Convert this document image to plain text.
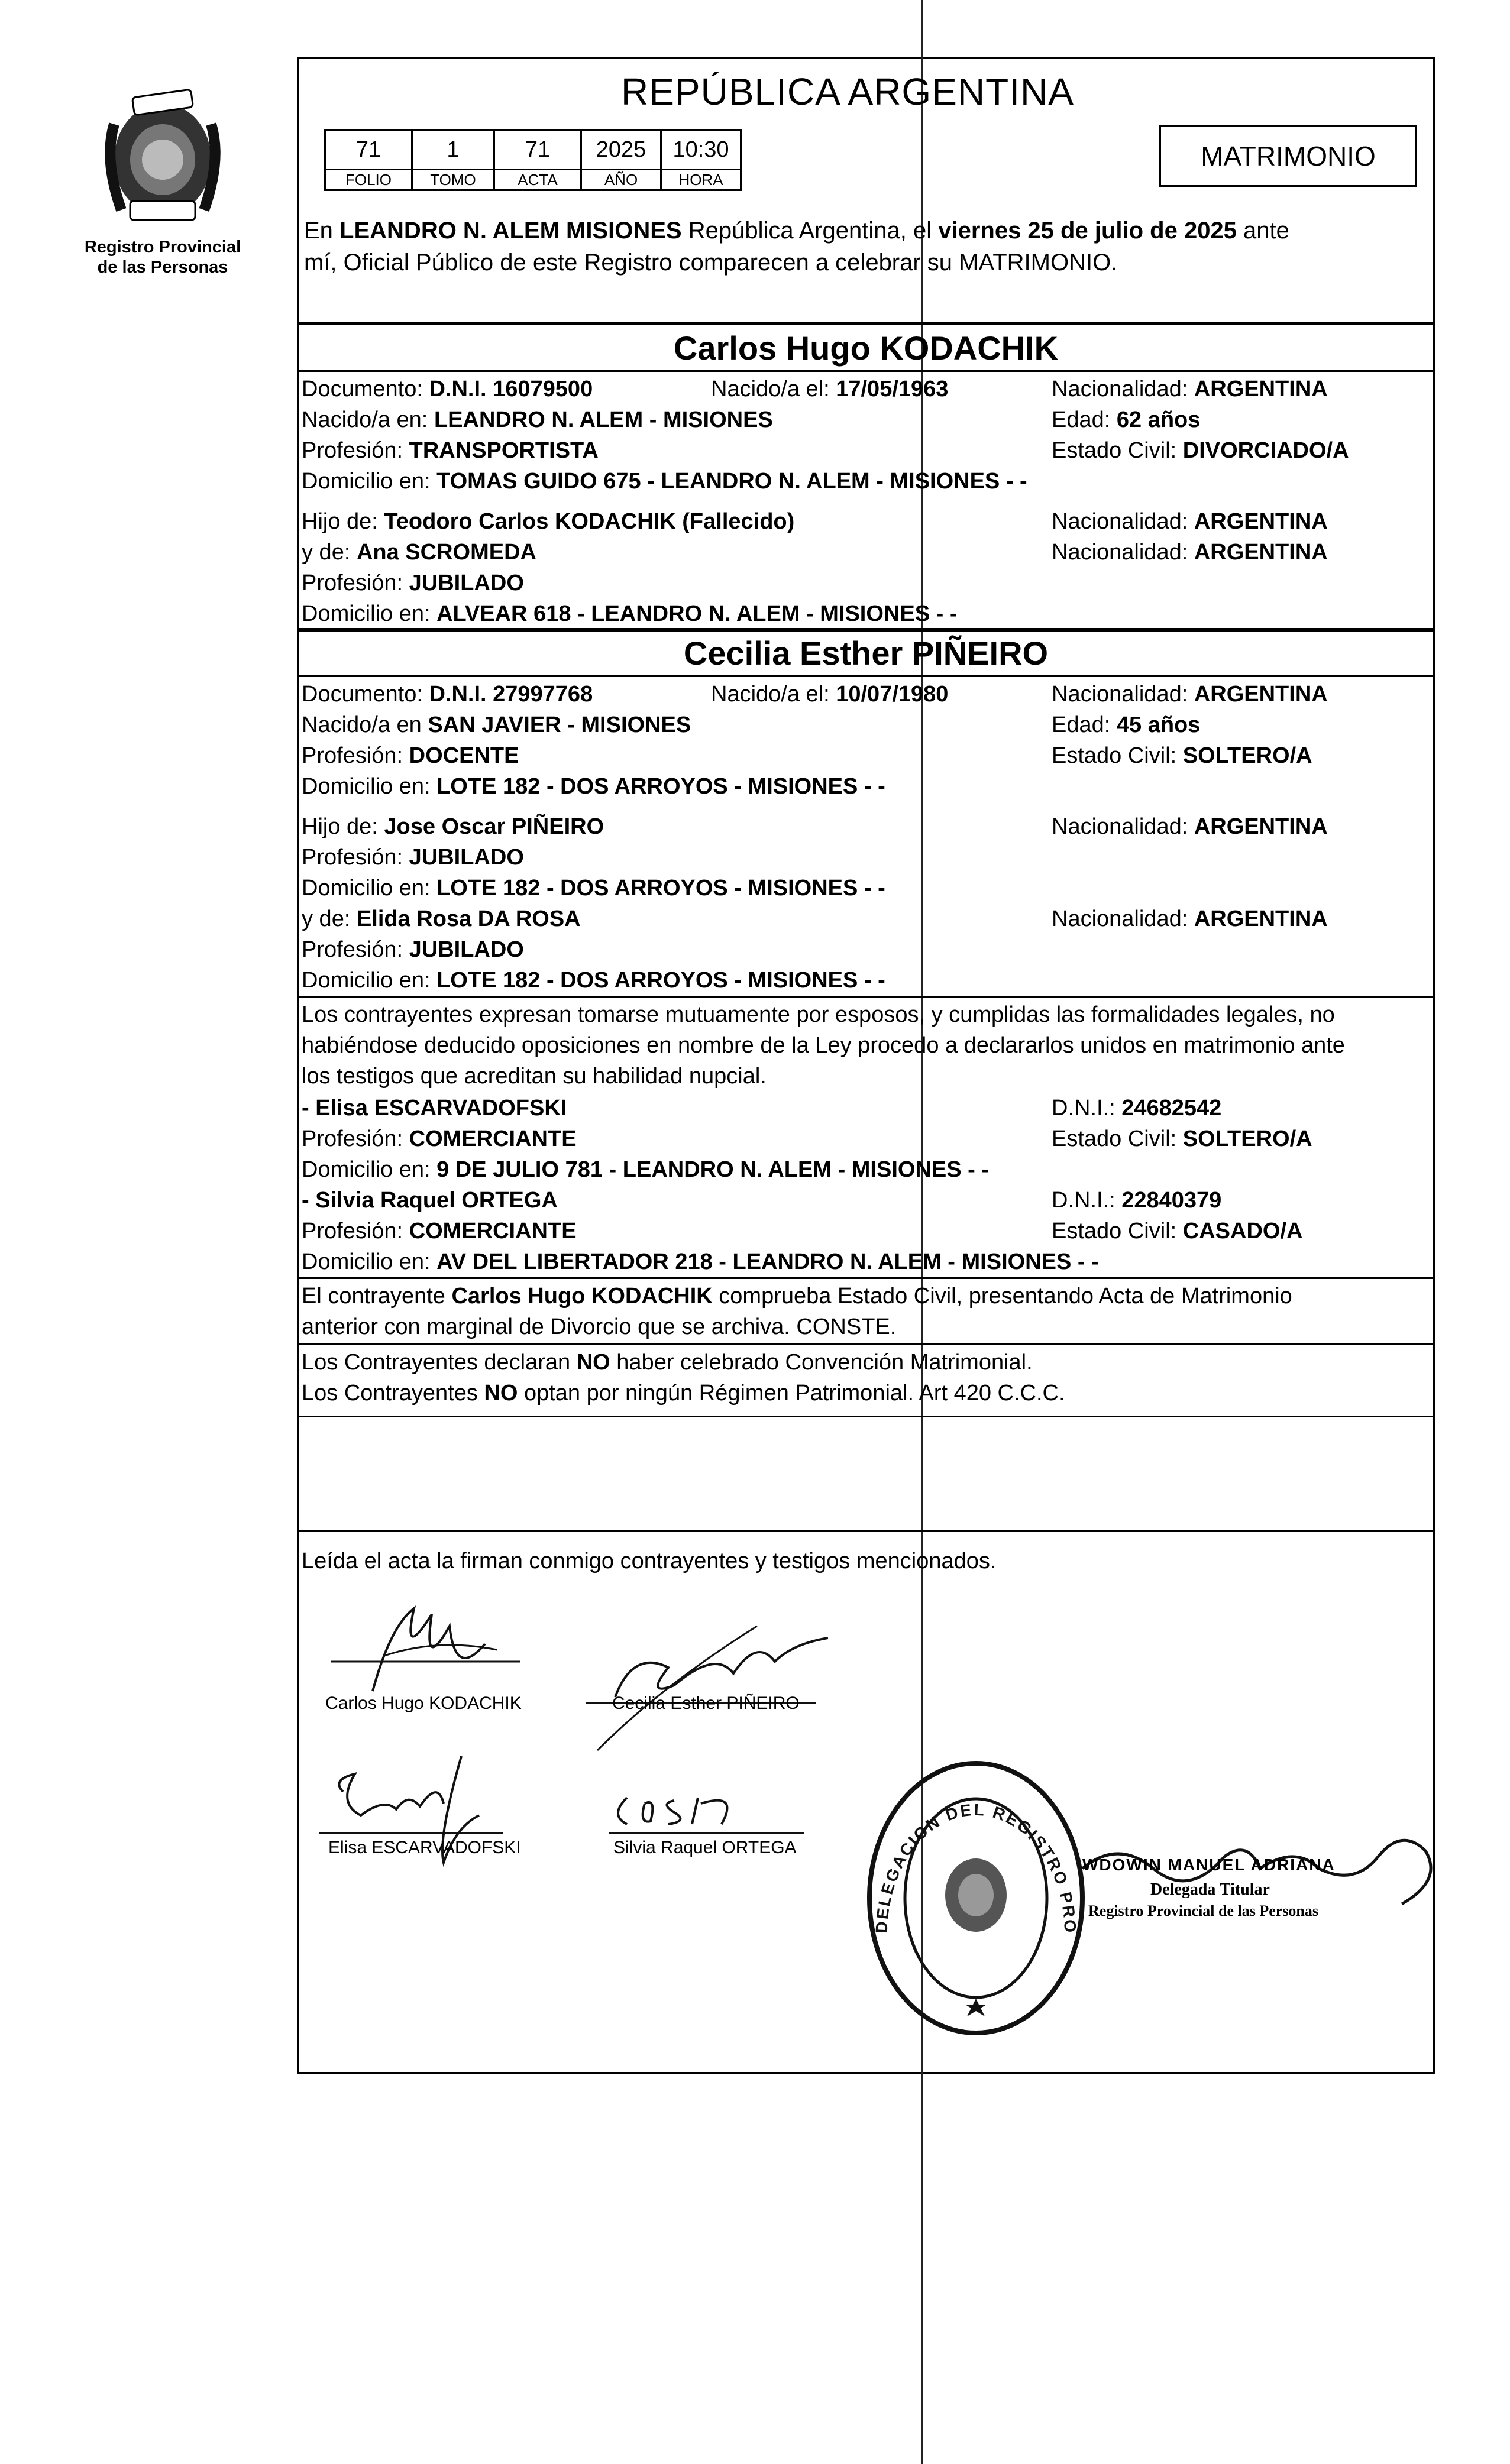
Registro Provincial
de las Personas
REPÚBLICA ARGENTINA
71	1	71	2025	10:30
FOLIO	TOMO	ACTA	AÑO	HORA
MATRIMONIO
En LEANDRO N. ALEM MISIONES República Argentina, el viernes 25 de julio de 2025 ante
mí, Oficial Público de este Registro comparecen a celebrar su MATRIMONIO.
Carlos Hugo KODACHIK
Documento: D.N.I. 16079500	Nacido/a el: 17/05/1963	Nacionalidad: ARGENTINA
Nacido/a en: LEANDRO N. ALEM - MISIONES	Edad: 62 años
Profesión: TRANSPORTISTA	Estado Civil: DIVORCIADO/A
Domicilio en: TOMAS GUIDO 675 - LEANDRO N. ALEM - MISIONES - -
Hijo de: Teodoro Carlos KODACHIK (Fallecido)	Nacionalidad: ARGENTINA
y de: Ana SCROMEDA	Nacionalidad: ARGENTINA
Profesión: JUBILADO
Domicilio en: ALVEAR 618 - LEANDRO N. ALEM - MISIONES - -
Cecilia Esther PIÑEIRO
Documento: D.N.I. 27997768	Nacido/a el: 10/07/1980	Nacionalidad: ARGENTINA
Nacido/a en SAN JAVIER - MISIONES	Edad: 45 años
Profesión: DOCENTE	Estado Civil: SOLTERO/A
Domicilio en: LOTE 182 - DOS ARROYOS - MISIONES - -
Hijo de: Jose Oscar PIÑEIRO	Nacionalidad: ARGENTINA
Profesión: JUBILADO
Domicilio en: LOTE 182 - DOS ARROYOS - MISIONES - -
y de: Elida Rosa DA ROSA	Nacionalidad: ARGENTINA
Profesión: JUBILADO
Domicilio en: LOTE 182 - DOS ARROYOS - MISIONES - -
Los contrayentes expresan tomarse mutuamente por esposos, y cumplidas las formalidades legales, no
habiéndose deducido oposiciones en nombre de la Ley procedo a declararlos unidos en matrimonio ante
los testigos que acreditan su habilidad nupcial.
- Elisa ESCARVADOFSKI	D.N.I.: 24682542
Profesión: COMERCIANTE	Estado Civil: SOLTERO/A
Domicilio en: 9 DE JULIO 781 - LEANDRO N. ALEM - MISIONES - -
- Silvia Raquel ORTEGA	D.N.I.: 22840379
Profesión: COMERCIANTE	Estado Civil: CASADO/A
Domicilio en: AV DEL LIBERTADOR 218 - LEANDRO N. ALEM - MISIONES - -
El contrayente Carlos Hugo KODACHIK comprueba Estado Civil, presentando Acta de Matrimonio
anterior con marginal de Divorcio que se archiva. CONSTE.
Los Contrayentes declaran NO haber celebrado Convención Matrimonial.
Los Contrayentes NO optan por ningún Régimen Patrimonial. Art 420 C.C.C.
Leída el acta la firman conmigo contrayentes y testigos mencionados.
Carlos Hugo KODACHIK	Cecilia Esther PIÑEIRO
Elisa ESCARVADOFSKI	Silvia Raquel ORTEGA
DELEGACION DEL REGISTRO PROVINCIAL DE LAS PERSONAS L. N. ALEM
WDOWIN MANUEL ADRIANA
Delegada Titular
Registro Provincial de las Personas
